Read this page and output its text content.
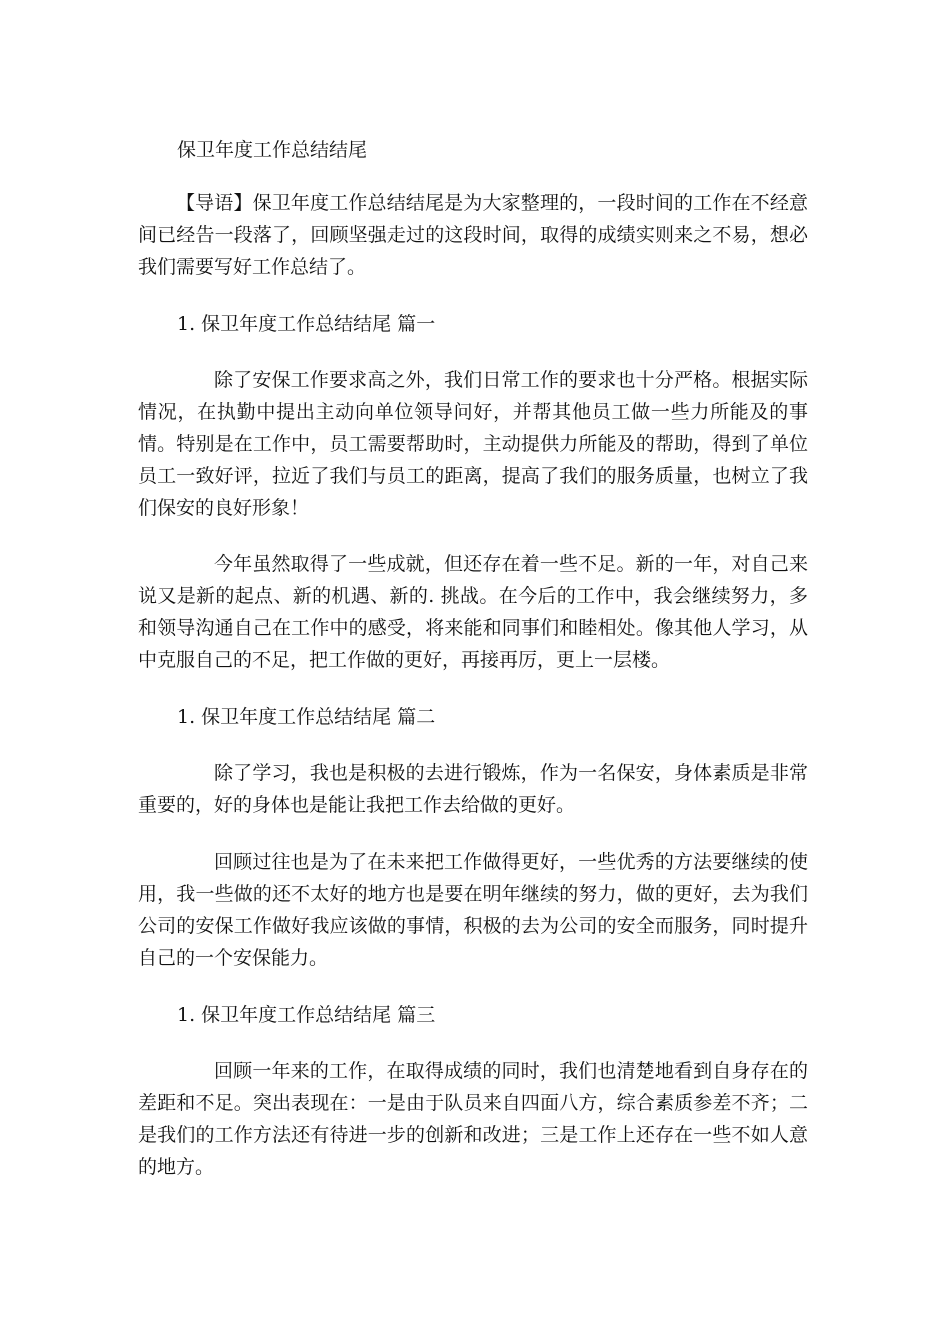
保卫年度工作总结结尾
【导语】保卫年度工作总结结尾是为大家整理的，一段时间的工作在不经意间已经告一段落了，回顾坚强走过的这段时间，取得的成绩实则来之不易，想必我们需要写好工作总结了。
1. 保卫年度工作总结结尾 篇一
除了安保工作要求高之外，我们日常工作的要求也十分严格。根据实际情况，在执勤中提出主动向单位领导问好，并帮其他员工做一些力所能及的事情。特别是在工作中，员工需要帮助时，主动提供力所能及的帮助，得到了单位员工一致好评，拉近了我们与员工的距离，提高了我们的服务质量，也树立了我们保安的良好形象！
今年虽然取得了一些成就，但还存在着一些不足。新的一年，对自己来说又是新的起点、新的机遇、新的. 挑战。在今后的工作中，我会继续努力，多和领导沟通自己在工作中的感受，将来能和同事们和睦相处。像其他人学习，从中克服自己的不足，把工作做的更好，再接再厉，更上一层楼。
1. 保卫年度工作总结结尾 篇二
除了学习，我也是积极的去进行锻炼，作为一名保安，身体素质是非常重要的，好的身体也是能让我把工作去给做的更好。
回顾过往也是为了在未来把工作做得更好，一些优秀的方法要继续的使用，我一些做的还不太好的地方也是要在明年继续的努力，做的更好，去为我们公司的安保工作做好我应该做的事情，积极的去为公司的安全而服务，同时提升自己的一个安保能力。
1. 保卫年度工作总结结尾 篇三
回顾一年来的工作，在取得成绩的同时，我们也清楚地看到自身存在的差距和不足。突出表现在：一是由于队员来自四面八方，综合素质参差不齐；二是我们的工作方法还有待进一步的创新和改进；三是工作上还存在一些不如人意的地方。
